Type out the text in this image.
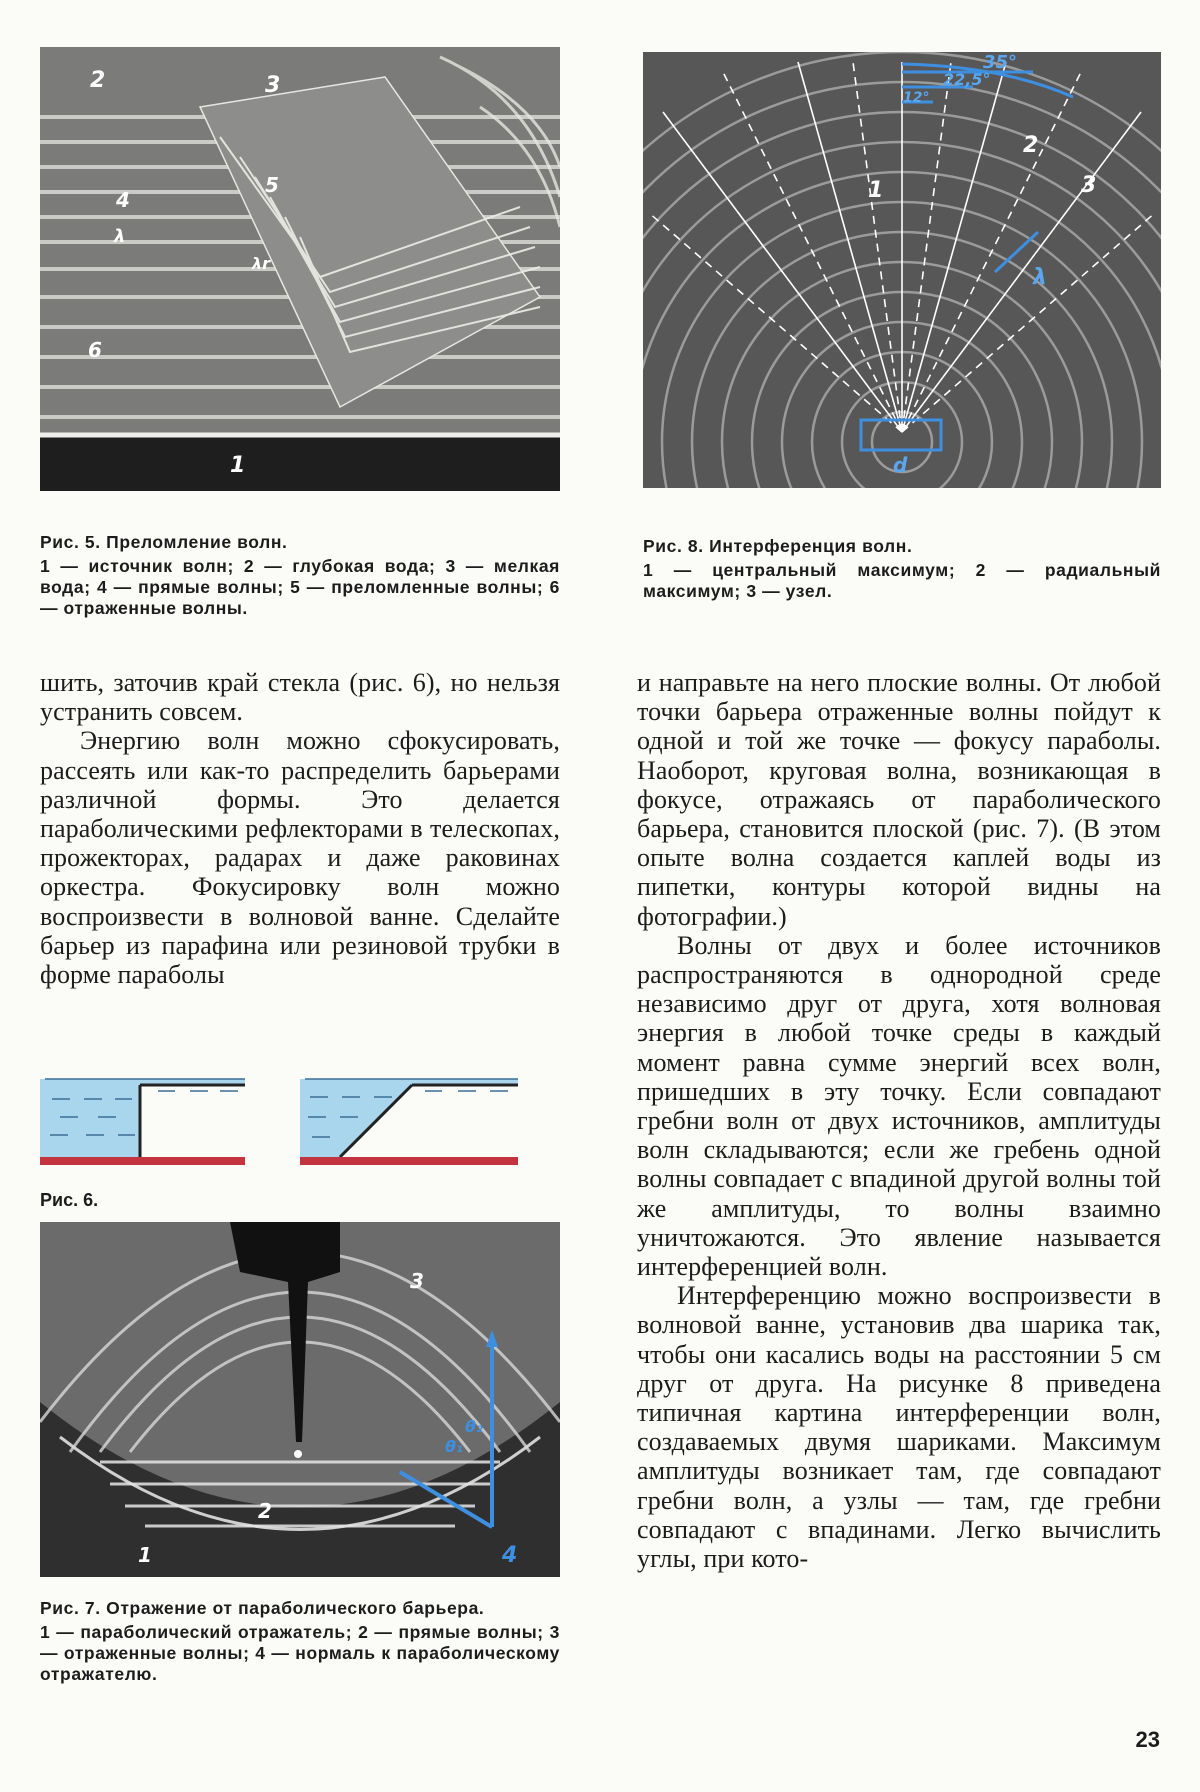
1
2	3
4
5
6
λ
λr
Рис. 5. Преломление волн.
1 — источник волн; 2 — глубокая вода; 3 — мелкая вода; 4 — прямые волны; 5 — преломленные волны; 6 — отраженные волны.
35°
22,5°
12°
λ
d
1
2
3
Рис. 8. Интерференция волн.
1 — центральный максимум; 2 — радиальный максимум; 3 — узел.

шить, заточив край стекла (рис. 6), но нельзя устранить совсем.

Энергию волн можно сфокусировать, рассеять или как-то распределить барьерами различной формы. Это делается параболическими рефлекторами в телескопах, прожекторах, радарах и даже раковинах оркестра. Фокусировку волн можно воспроизвести в волновой ванне. Сделайте барьер из парафина или резиновой трубки в форме параболы

Рис. 6.
1
2
3
4
θ₁
θ₂
Рис. 7. Отражение от параболического барьера.
1 — параболический отражатель; 2 — прямые волны; 3 — отраженные волны; 4 — нормаль к параболическому отражателю.

и направьте на него плоские волны. От любой точки барьера отраженные волны пойдут к одной и той же точке — фокусу параболы. Наоборот, круговая волна, возникающая в фокусе, отражаясь от параболического барьера, становится плоской (рис. 7). (В этом опыте волна создается каплей воды из пипетки, контуры которой видны на фотографии.)

Волны от двух и более источников распространяются в однородной среде независимо друг от друга, хотя волновая энергия в любой точке среды в каждый момент равна сумме энергий всех волн, пришедших в эту точку. Если совпадают гребни волн от двух источников, амплитуды волн складываются; если же гребень одной волны совпадает с впадиной другой волны той же амплитуды, то волны взаимно уничтожаются. Это явление называется интерференцией волн.

Интерференцию можно воспроизвести в волновой ванне, установив два шарика так, чтобы они касались воды на расстоянии 5 см друг от друга. На рисунке 8 приведена типичная картина интерференции волн, создаваемых двумя шариками. Максимум амплитуды возникает там, где совпадают гребни волн, а узлы — там, где гребни совпадают с впадинами. Легко вычислить углы, при кото-

23
